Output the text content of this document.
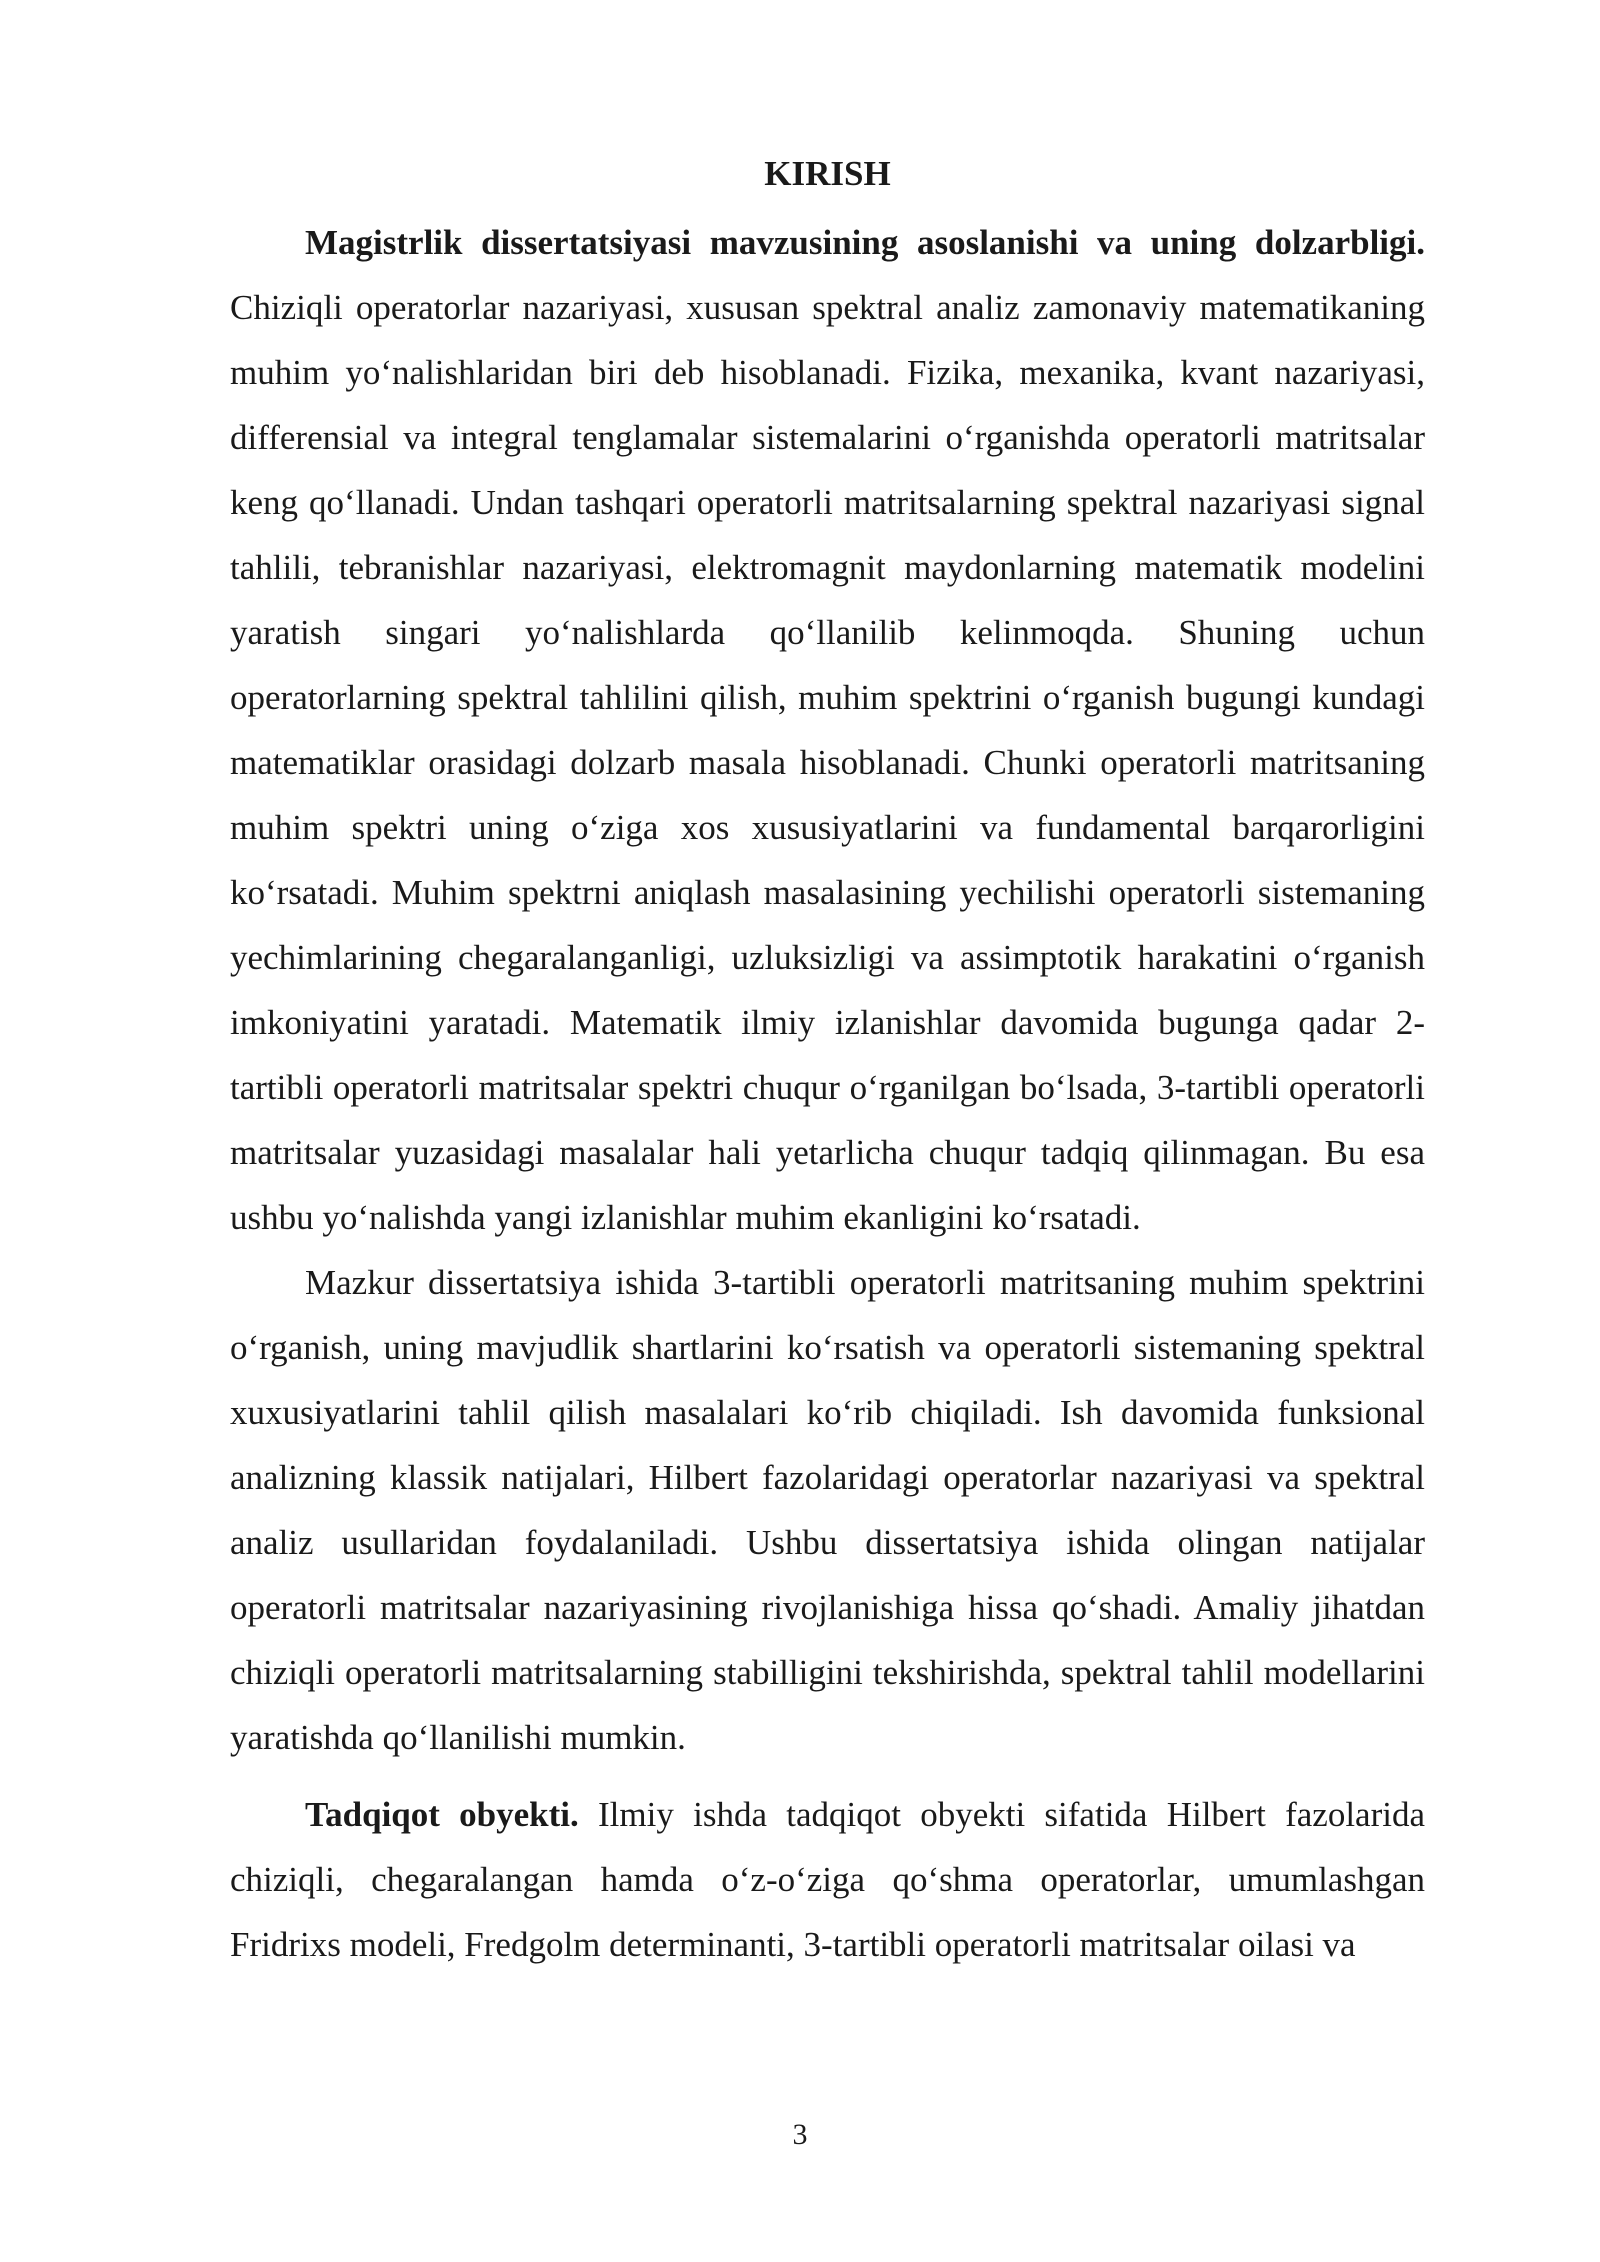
KIRISH

Magistrlik dissertatsiyasi mavzusining asoslanishi va uning dolzarbligi. Chiziqli operatorlar nazariyasi, xususan spektral analiz zamonaviy matematikaning muhim yo‘nalishlaridan biri deb hisoblanadi. Fizika, mexanika, kvant nazariyasi, differensial va integral tenglamalar sistemalarini o‘rganishda operatorli matritsalar keng qo‘llanadi. Undan tashqari operatorli matritsalarning spektral nazariyasi signal tahlili, tebranishlar nazariyasi, elektromagnit maydonlarning matematik modelini yaratish singari yo‘nalishlarda qo‘llanilib kelinmoqda. Shuning uchun operatorlarning spektral tahlilini qilish, muhim spektrini o‘rganish bugungi kundagi matematiklar orasidagi dolzarb masala hisoblanadi. Chunki operatorli matritsaning muhim spektri uning o‘ziga xos xususiyatlarini va fundamental barqarorligini ko‘rsatadi. Muhim spektrni aniqlash masalasining yechilishi operatorli sistemaning yechimlarining chegaralanganligi, uzluksizligi va assimptotik harakatini o‘rganish imkoniyatini yaratadi. Matematik ilmiy izlanishlar davomida bugunga qadar 2-tartibli operatorli matritsalar spektri chuqur o‘rganilgan bo‘lsada, 3-tartibli operatorli matritsalar yuzasidagi masalalar hali yetarlicha chuqur tadqiq qilinmagan. Bu esa ushbu yo‘nalishda yangi izlanishlar muhim ekanligini ko‘rsatadi.

Mazkur dissertatsiya ishida 3-tartibli operatorli matritsaning muhim spektrini o‘rganish, uning mavjudlik shartlarini ko‘rsatish va operatorli sistemaning spektral xuxusiyatlarini tahlil qilish masalalari ko‘rib chiqiladi. Ish davomida funksional analizning klassik natijalari, Hilbert fazolaridagi operatorlar nazariyasi va spektral analiz usullaridan foydalaniladi. Ushbu dissertatsiya ishida olingan natijalar operatorli matritsalar nazariyasining rivojlanishiga hissa qo‘shadi. Amaliy jihatdan chiziqli operatorli matritsalarning stabilligini tekshirishda, spektral tahlil modellarini yaratishda qo‘llanilishi mumkin.

Tadqiqot obyekti. Ilmiy ishda tadqiqot obyekti sifatida Hilbert fazolarida chiziqli, chegaralangan hamda o‘z-o‘ziga qo‘shma operatorlar, umumlashgan Fridrixs modeli, Fredgolm determinanti, 3-tartibli operatorli matritsalar oilasi va

3
